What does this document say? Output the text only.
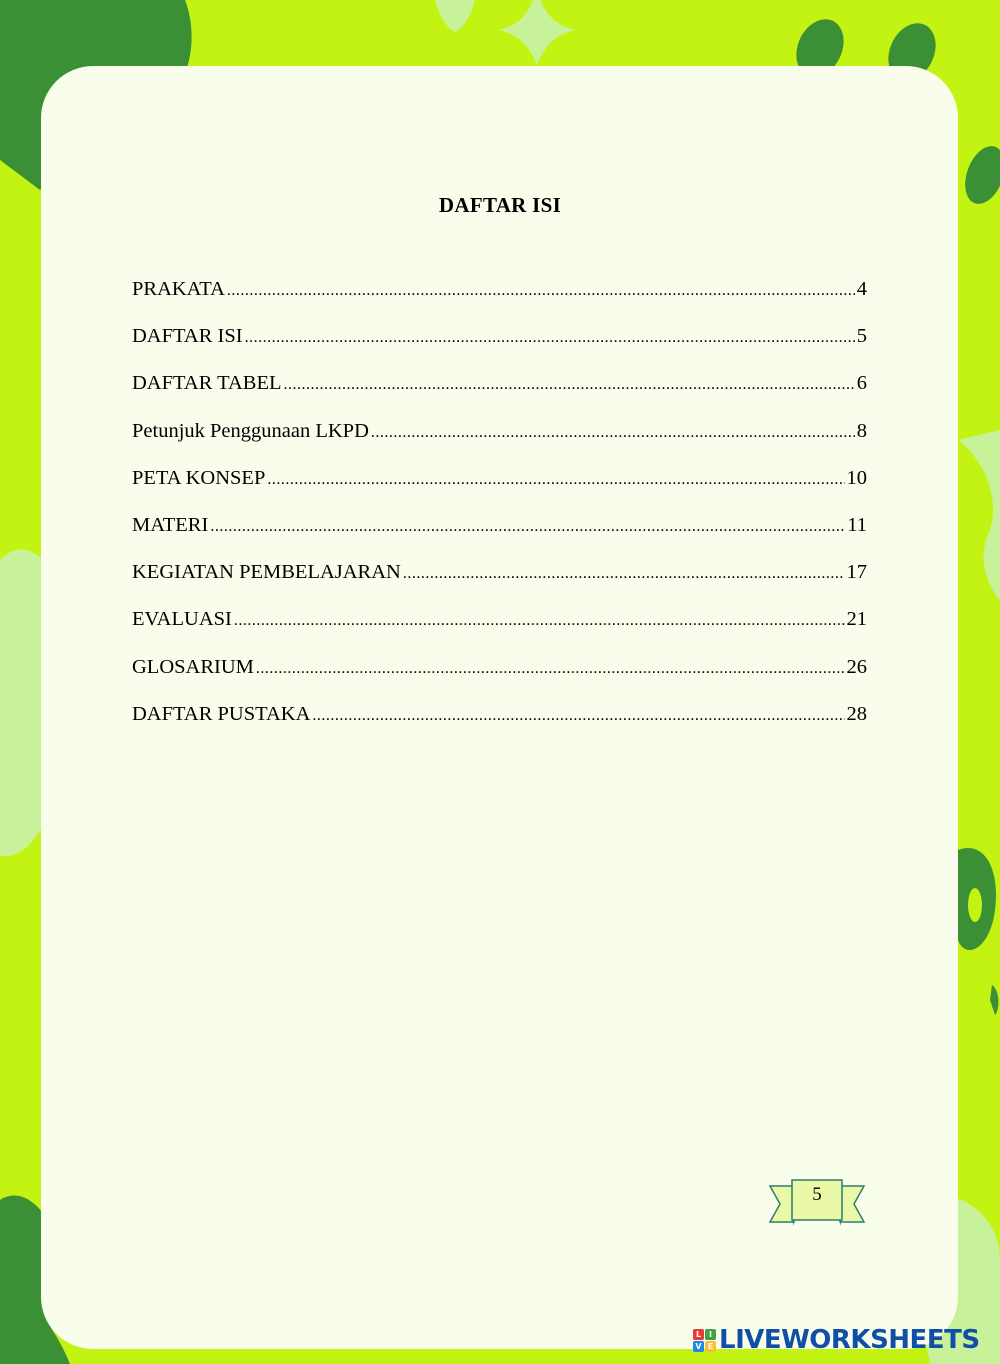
DAFTAR ISI
PRAKATA .....	4
DAFTAR ISI .....	5
DAFTAR TABEL .....	6
Petunjuk Penggunaan LKPD .....	8
PETA KONSEP .....	10
MATERI .....	11
KEGIATAN PEMBELAJARAN .....	17
EVALUASI .....	21
GLOSARIUM .....	26
DAFTAR PUSTAKA .....	28
5
L I
V E LIVEWORKSHEETS
